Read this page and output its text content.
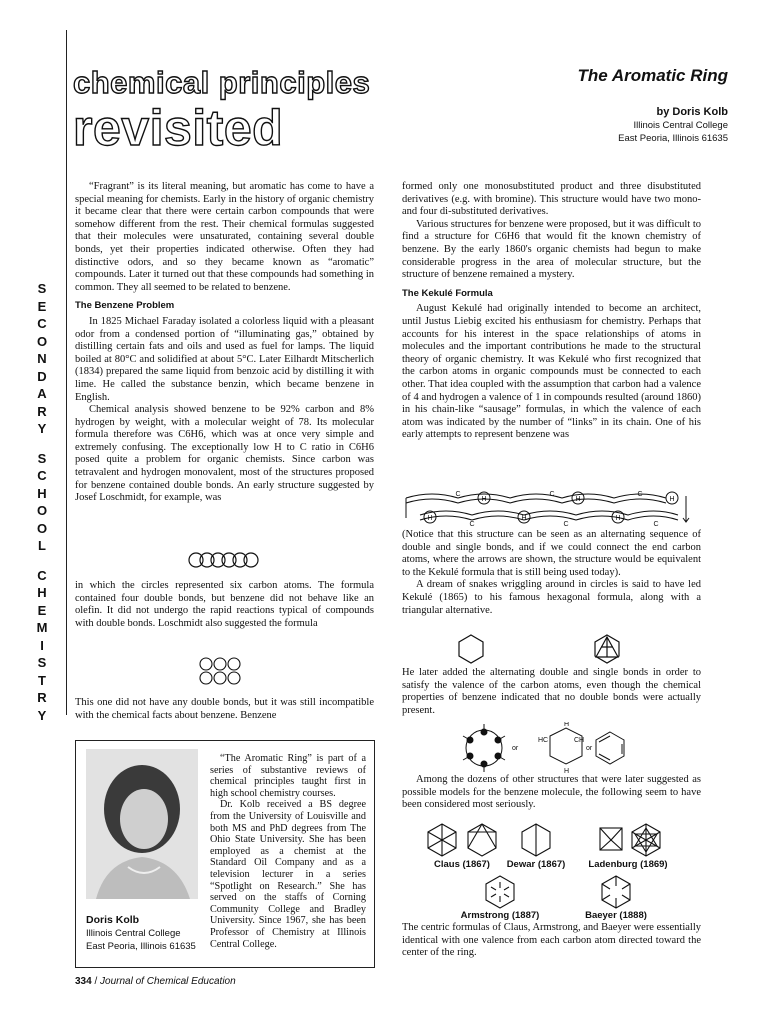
S
E
C
O
N
D
A
R
Y
S
C
H
O
O
L
C
H
E
M
I
S
T
R
Y
chemical principles
revisited
The Aromatic Ring
by Doris Kolb
Illinois Central College
East Peoria, Illinois 61635

“Fragrant” is its literal meaning, but aromatic has come to have a special meaning for chemists. Early in the history of organic chemistry it became clear that there were certain carbon compounds that were somehow different from the rest. Their chemical formulas suggested that their molecules were unsaturated, containing several double bonds, yet their properties indicated otherwise. Often they had distinctive odors, and so they became known as “aromatic” compounds. Later it turned out that these compounds had something in common. They all seemed to be related to benzene.

The Benzene Problem

In 1825 Michael Faraday isolated a colorless liquid with a pleasant odor from a condensed portion of “illuminating gas,” obtained by distilling certain fats and oils and used as fuel for lamps. The liquid boiled at 80°C and solidified at about 5°C. Later Eilhardt Mitscherlich (1834) prepared the same liquid from benzoic acid by distilling it with lime. He called the substance benzin, which became benzene in English.

Chemical analysis showed benzene to be 92% carbon and 8% hydrogen by weight, with a molecular weight of 78. Its molecular formula therefore was C6H6, which was at once very simple and extremely confusing. The exceptionally low H to C ratio in C6H6 posed quite a problem for organic chemists. Since carbon was tetravalent and hydrogen monovalent, most of the structures proposed for benzene contained double bonds. An early structure suggested by Josef Loschmidt, for example, was

in which the circles represented six carbon atoms. The formula contained four double bonds, but benzene did not behave like an olefin. It did not undergo the rapid reactions typical of compounds with double bonds. Loschmidt also suggested the formula

This one did not have any double bonds, but it was still incompatible with the chemical facts about benzene. Benzene

“The Aromatic Ring” is part of a series of substantive reviews of chemical principles taught first in high school chemistry courses.

Dr. Kolb received a BS degree from the University of Louisville and both MS and PhD degrees from The Ohio State University. She has been employed as a chemist at the Standard Oil Company and as a television lecturer in a series “Spotlight on Research.” She has served on the staffs of Corning Community College and Bradley University. Since 1967, she has been Professor of Chemistry at Illinois Central College.

Doris Kolb
Illinois Central College
East Peoria, Illinois 61635

formed only one monosubstituted product and three disubstituted derivatives (e.g. with bromine). This structure would have two mono- and four di-substituted derivatives.

Various structures for benzene were proposed, but it was difficult to find a structure for C6H6 that would fit the known chemistry of benzene. By the early 1860's organic chemists had begun to make considerable progress in the area of molecular structure, but the structure of benzene remained a mystery.

The Kekulé Formula

August Kekulé had originally intended to become an architect, until Justus Liebig excited his enthusiasm for chemistry. Perhaps that accounts for his interest in the space relationships of atoms in molecules and the important contributions he made to the structural theory of organic chemistry. It was Kekulé who first recognized that the carbon atoms in organic compounds must be connected to each other. That idea coupled with the assumption that carbon had a valence of 4 and hydrogen a valence of 1 in compounds resulted (around 1860) in his chain-like “sausage” formulas, in which the valence of each atom was indicated by the number of “links” in its chain. One of his early attempts to represent benzene was

C	C	C
H	H	H
C	C	C
H	H	H

(Notice that this structure can be seen as an alternating sequence of double and single bonds, and if we could connect the end carbon atoms, where the arrows are shown, the structure would be equivalent to the Kekulé formula that is still being used today).

A dream of snakes wriggling around in circles is said to have led Kekulé (1865) to his famous hexagonal formula, along with a triangular alternative.

He later added the alternating double and single bonds in order to satisfy the valence of the carbon atoms, even though the chemical properties of benzene indicated that no double bonds were actually present.

or	or
HC	CH
H
H

Among the dozens of other structures that were later suggested as possible models for the benzene molecule, the following seem to have been considered most seriously.

Claus (1867) Dewar (1867) Ladenburg (1869)
Armstrong (1887)	Baeyer (1888)

The centric formulas of Claus, Armstrong, and Baeyer were essentially identical with one valence from each carbon atom directed toward the center of the ring.

334 / Journal of Chemical Education
